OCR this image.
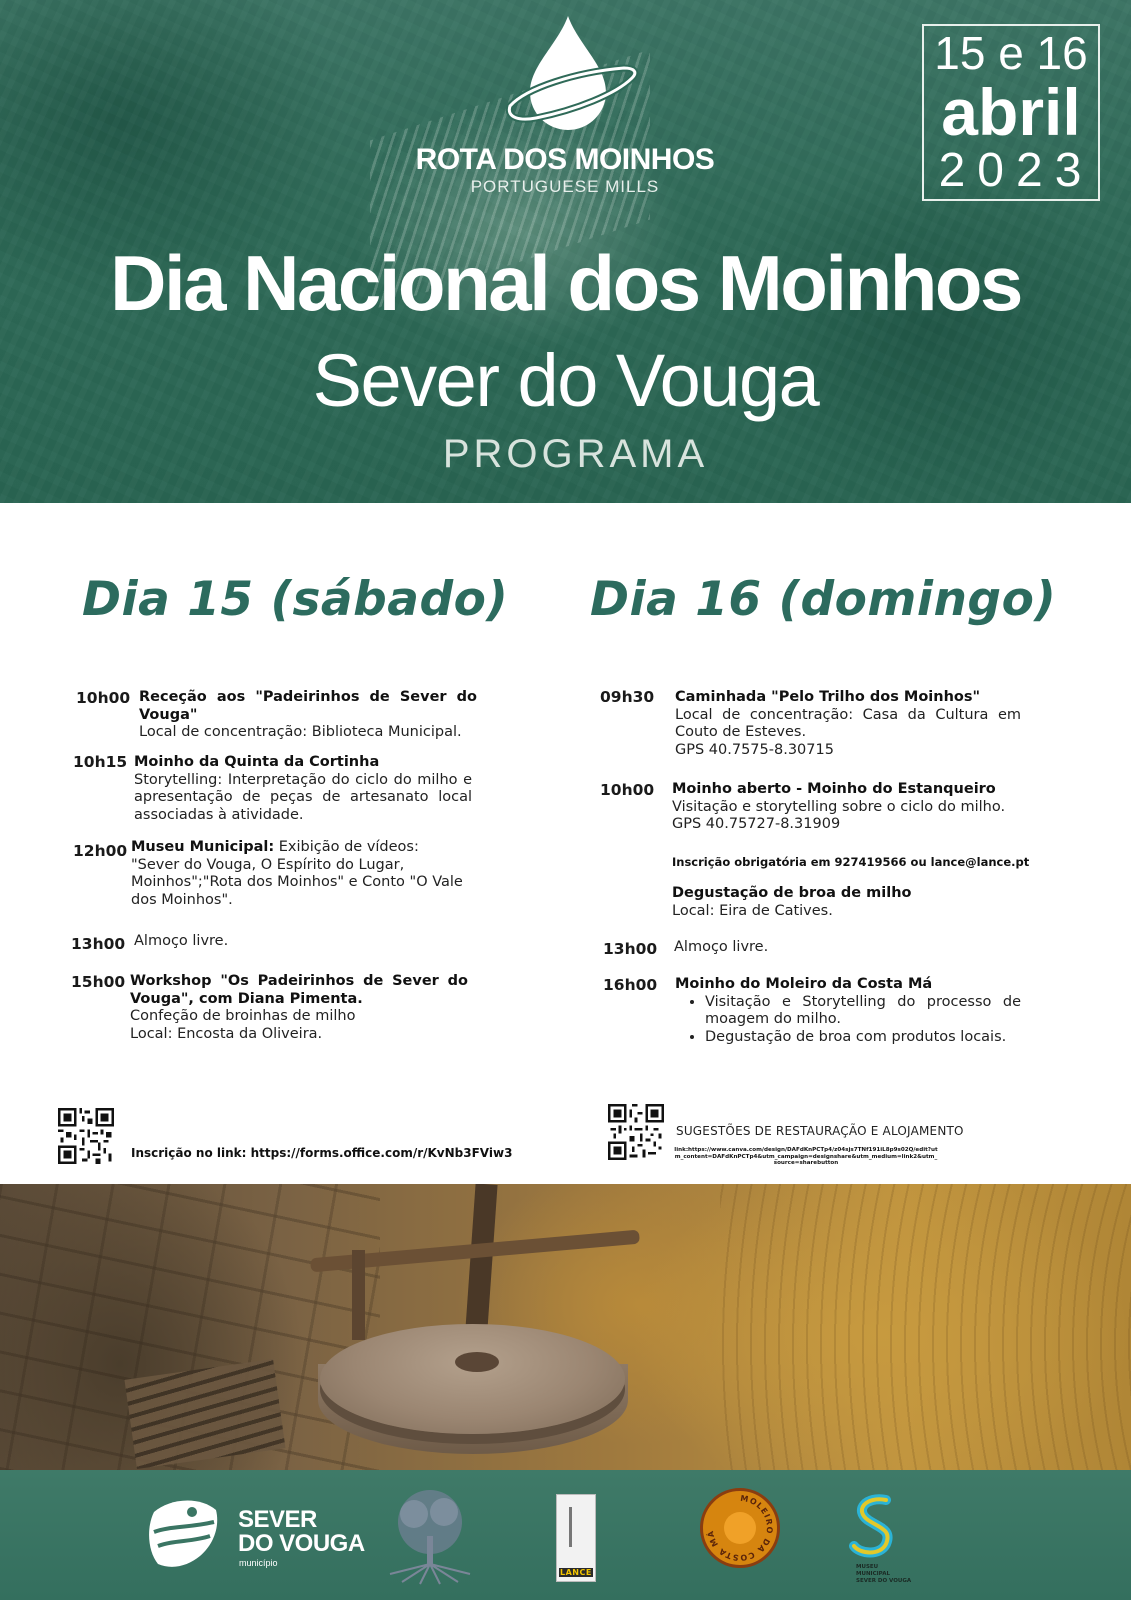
ROTA DOS MOINHOS
PORTUGUESE MILLS
15 e 16
abril
2023
Dia Nacional dos Moinhos
Sever do Vouga
PROGRAMA
Dia 15 (sábado)
10h00 Receção aos "Padeirinhos de Sever do Vouga"
Local de concentração: Biblioteca Municipal.
10h15 Moinho da Quinta da Cortinha
Storytelling: Interpretação do ciclo do milho e apresentação de peças de artesanato local associadas à atividade.
12h00 Museu Municipal: Exibição de vídeos: "Sever do Vouga, O Espírito do Lugar, Moinhos";"Rota dos Moinhos" e Conto "O Vale dos Moinhos".
13h00 Almoço livre.
15h00 Workshop "Os Padeirinhos de Sever do Vouga", com Diana Pimenta.
Confeção de broinhas de milho
Local: Encosta da Oliveira.
Inscrição no link: https://forms.office.com/r/KvNb3FViw3
Dia 16 (domingo)
09h30 Caminhada "Pelo Trilho dos Moinhos"
Local de concentração: Casa da Cultura em Couto de Esteves.
GPS 40.7575-8.30715
10h00 Moinho aberto - Moinho do Estanqueiro
Visitação e storytelling sobre o ciclo do milho.
GPS 40.75727-8.31909
Inscrição obrigatória em 927419566 ou lance@lance.pt
Degustação de broa de milho
Local: Eira de Catives.
13h00 Almoço livre.
16h00 Moinho do Moleiro da Costa Má
• Visitação e Storytelling do processo de moagem do milho.
• Degustação de broa com produtos locais.
SUGESTÕES DE RESTAURAÇÃO E ALOJAMENTO
link:https://www.canva.com/design/DAFdKnPCTp4/z04sjs7TNf191iL8p9s02Q/edit?utm_content=DAFdKnPCTp4&utm_campaign=designshare&utm_medium=link2&utm_source=sharebutton
SEVER
DO VOUGA
município
LANCE
MOLEIRO DA COSTA MÁ
MUSEU
MUNICIPAL
SEVER DO VOUGA
